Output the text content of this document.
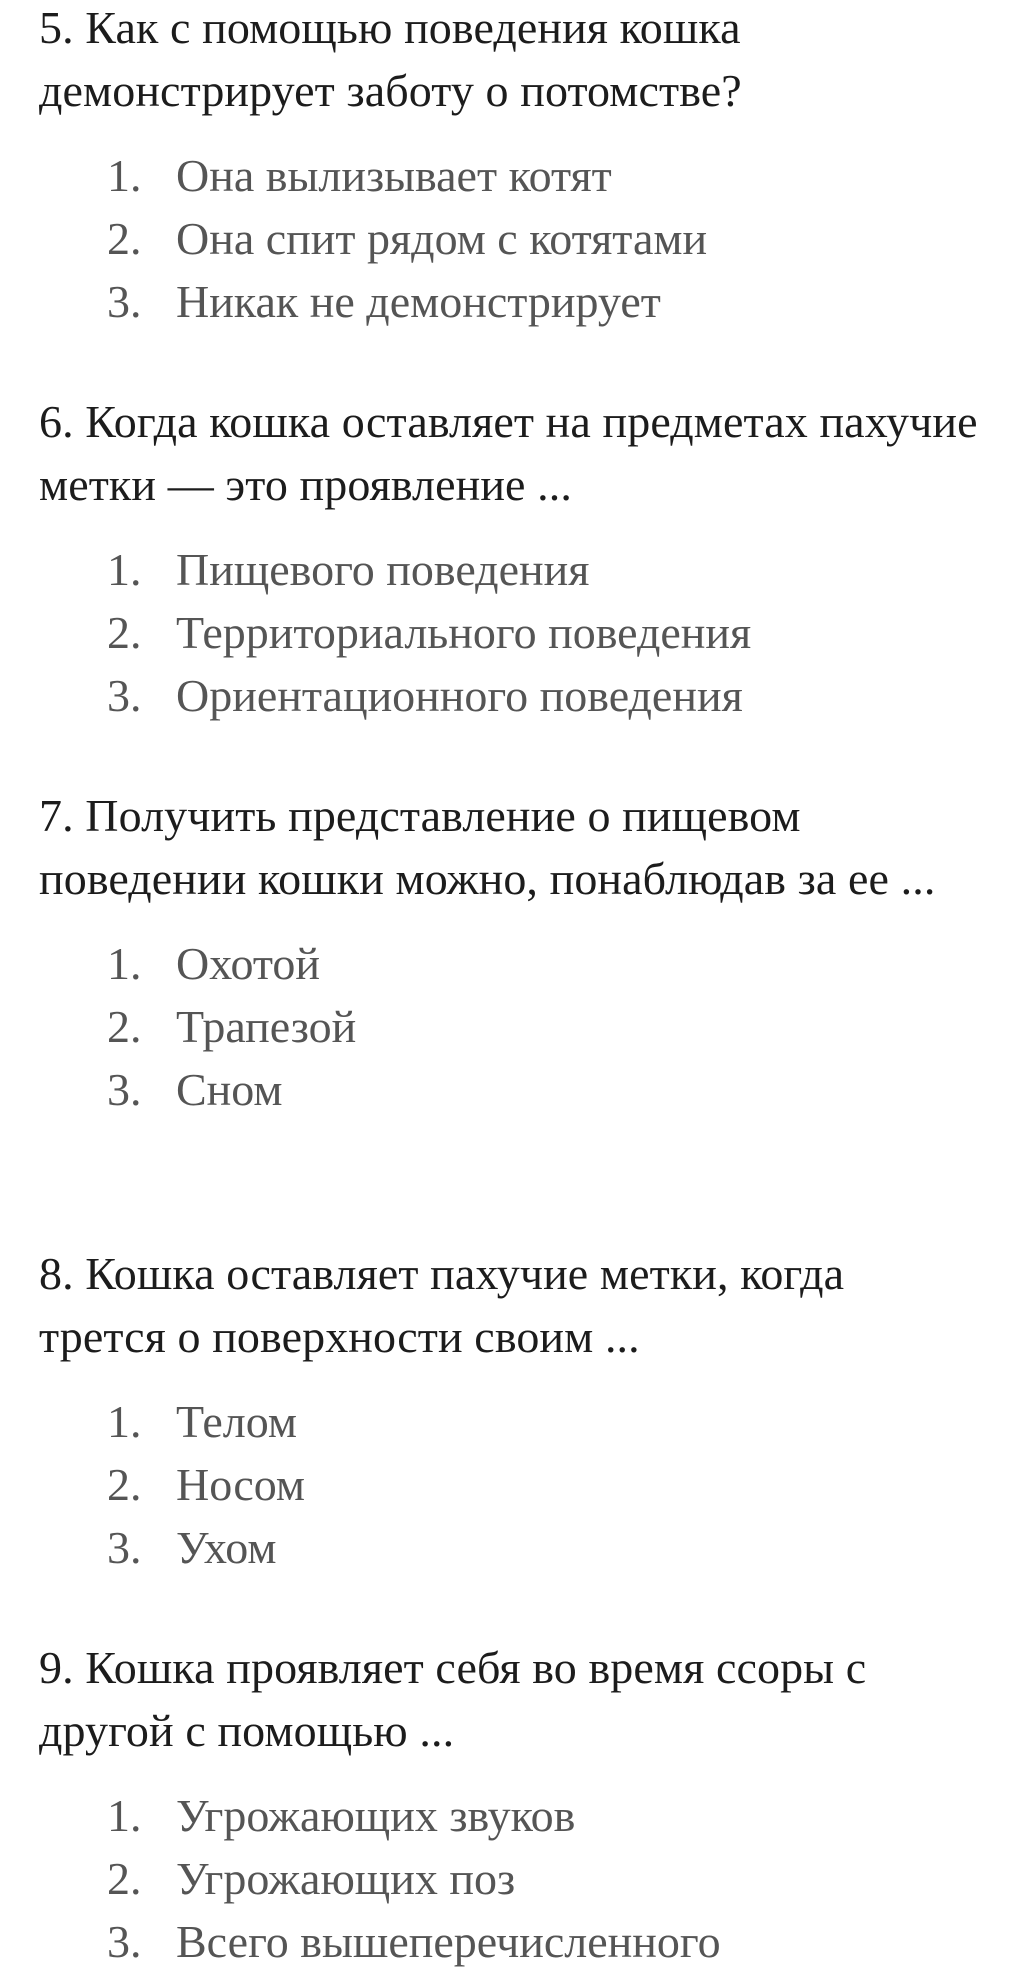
5. Как с помощью поведения кошка демонстрирует заботу о потомстве?

1. Она вылизывает котят
2. Она спит рядом с котятами
3. Никак не демонстрирует

6. Когда кошка оставляет на предметах пахучие метки — это проявление ...

1. Пищевого поведения
2. Территориального поведения
3. Ориентационного поведения

7. Получить представление о пищевом поведении кошки можно, понаблюдав за ее ...

1. Охотой
2. Трапезой
3. Сном

8. Кошка оставляет пахучие метки, когда трется о поверхности своим ...

1. Телом
2. Носом
3. Ухом

9. Кошка проявляет себя во время ссоры с другой с помощью ...

1. Угрожающих звуков
2. Угрожающих поз
3. Всего вышеперечисленного
